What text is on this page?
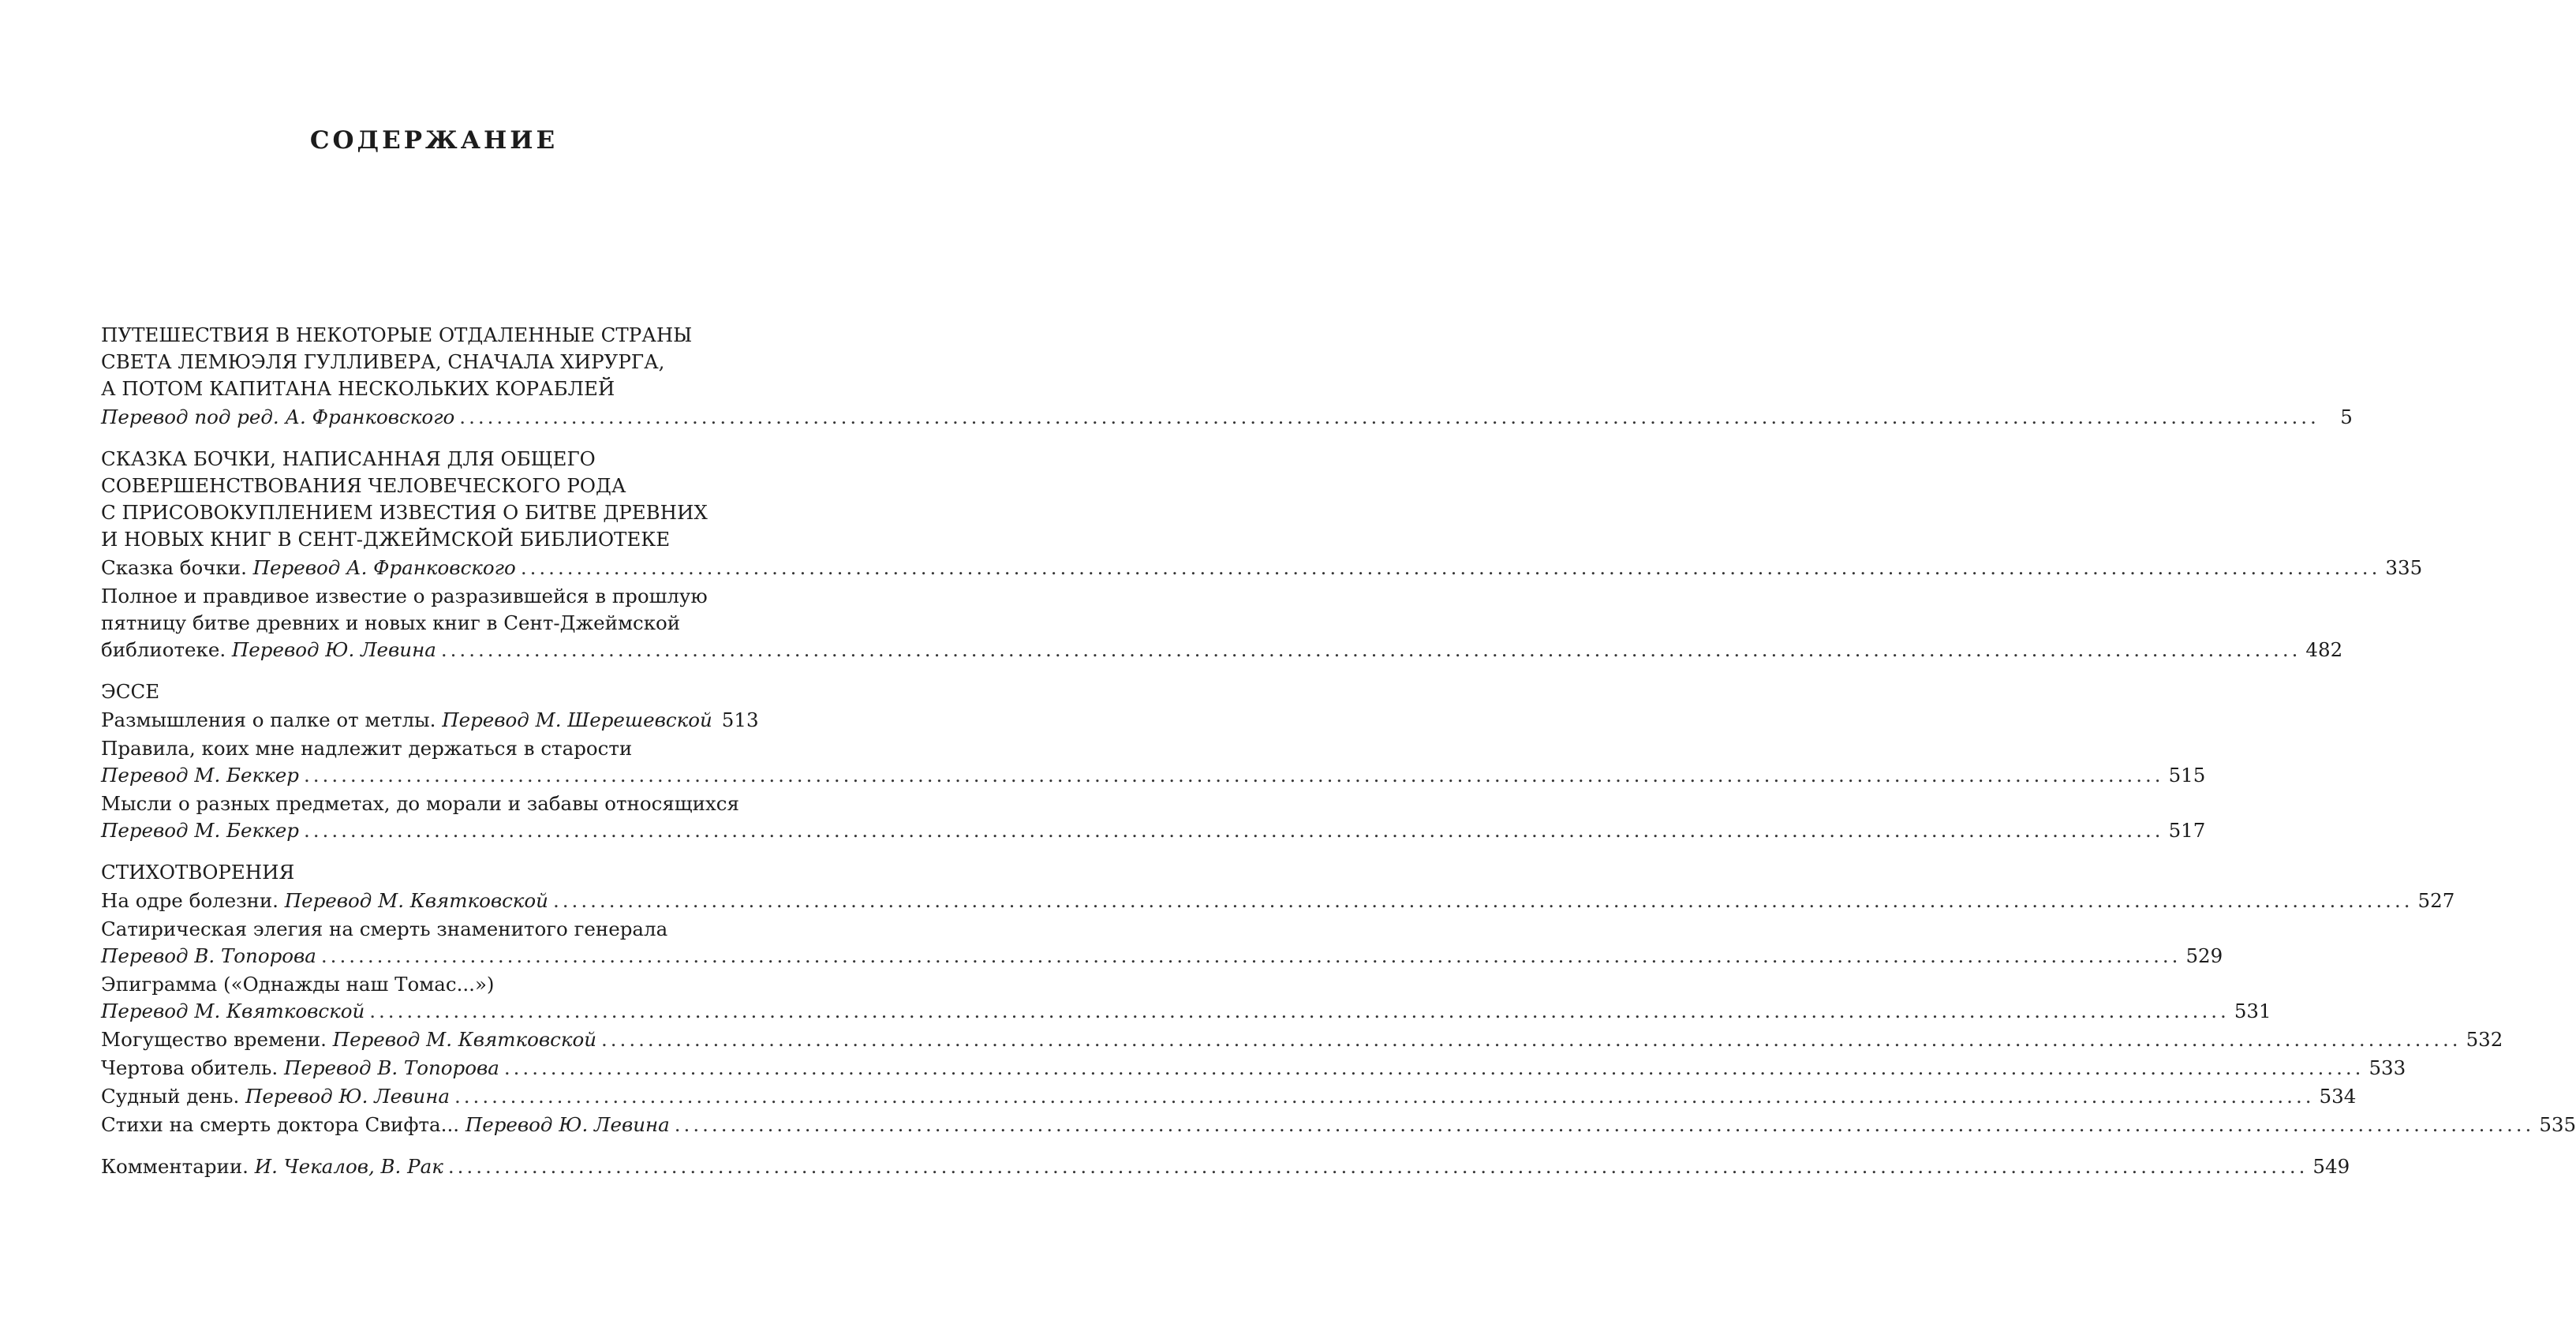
СОДЕРЖАНИЕ
ПУТЕШЕСТВИЯ В НЕКОТОРЫЕ ОТДАЛЕННЫЕ СТРАНЫ
СВЕТА ЛЕМЮЭЛЯ ГУЛЛИВЕРА, СНАЧАЛА ХИРУРГА,
А ПОТОМ КАПИТАНА НЕСКОЛЬКИХ КОРАБЛЕЙ
Перевод под ред. А. Франковского ........................................................................................................................................................................................................	5
СКАЗКА БОЧКИ, НАПИСАННАЯ ДЛЯ ОБЩЕГО
СОВЕРШЕНСТВОВАНИЯ ЧЕЛОВЕЧЕСКОГО РОДА
С ПРИСОВОКУПЛЕНИЕМ ИЗВЕСТИЯ О БИТВЕ ДРЕВНИХ
И НОВЫХ КНИГ В СЕНТ-ДЖЕЙМСКОЙ БИБЛИОТЕКЕ
Сказка бочки. Перевод А. Франковского ........................................................................................................................................................................................................ 335
Полное и правдивое известие о разразившейся в прошлую
пятницу битве древних и новых книг в Сент-Джеймской
библиотеке. Перевод Ю. Левина ........................................................................................................................................................................................................ 482
ЭССЕ
Размышления о палке от метлы. Перевод М. Шерешевской 513
Правила, коих мне надлежит держаться в старости
Перевод М. Беккер ........................................................................................................................................................................................................ 515
Мысли о разных предметах, до морали и забавы относящихся
Перевод М. Беккер ........................................................................................................................................................................................................ 517
СТИХОТВОРЕНИЯ
На одре болезни. Перевод М. Квятковской ........................................................................................................................................................................................................ 527
Сатирическая элегия на смерть знаменитого генерала
Перевод В. Топорова ........................................................................................................................................................................................................ 529
Эпиграмма («Однажды наш Томас...»)
Перевод М. Квятковской ........................................................................................................................................................................................................ 531
Могущество времени. Перевод М. Квятковской ........................................................................................................................................................................................................ 532
Чертова обитель. Перевод В. Топорова ........................................................................................................................................................................................................ 533
Судный день. Перевод Ю. Левина ........................................................................................................................................................................................................ 534
Стихи на смерть доктора Свифта... Перевод Ю. Левина ........................................................................................................................................................................................................ 535
Комментарии. И. Чекалов, В. Рак ........................................................................................................................................................................................................ 549
